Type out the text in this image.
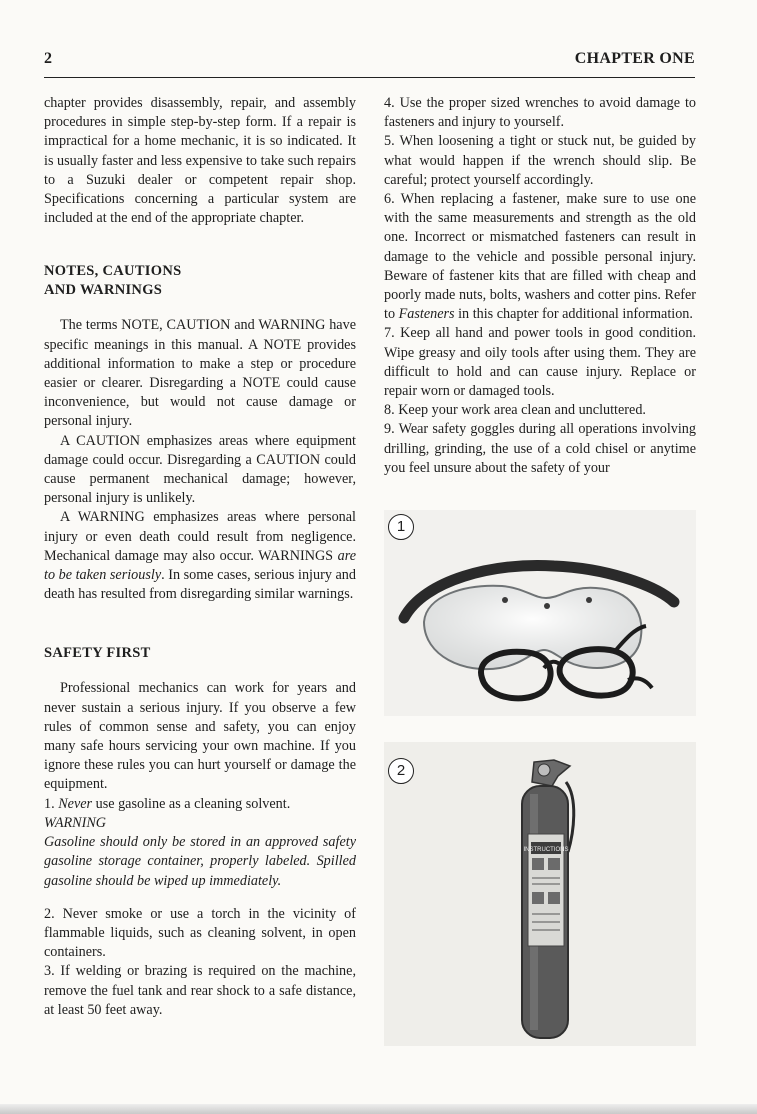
2	CHAPTER ONE

chapter provides disassembly, repair, and assembly procedures in simple step-by-step form. If a repair is impractical for a home mechanic, it is so indicated. It is usually faster and less expensive to take such repairs to a Suzuki dealer or competent repair shop. Specifications concerning a particular system are included at the end of the appropriate chapter.

NOTES, CAUTIONS

AND WARNINGS

The terms NOTE, CAUTION and WARNING have specific meanings in this manual. A NOTE provides additional information to make a step or procedure easier or clearer. Disregarding a NOTE could cause inconvenience, but would not cause damage or personal injury.

A CAUTION emphasizes areas where equipment damage could occur. Disregarding a CAUTION could cause permanent mechanical damage; however, personal injury is unlikely.

A WARNING emphasizes areas where personal injury or even death could result from negligence. Mechanical damage may also occur. WARNINGS are to be taken seriously. In some cases, serious injury and death has resulted from disregarding similar warnings.

SAFETY FIRST

Professional mechanics can work for years and never sustain a serious injury. If you observe a few rules of common sense and safety, you can enjoy many safe hours servicing your own machine. If you ignore these rules you can hurt yourself or damage the equipment.

1. Never use gasoline as a cleaning solvent.

WARNING

Gasoline should only be stored in an approved safety gasoline storage container, properly labeled. Spilled gasoline should be wiped up immediately.

2. Never smoke or use a torch in the vicinity of flammable liquids, such as cleaning solvent, in open containers.

3. If welding or brazing is required on the machine, remove the fuel tank and rear shock to a safe distance, at least 50 feet away.

4. Use the proper sized wrenches to avoid damage to fasteners and injury to yourself.

5. When loosening a tight or stuck nut, be guided by what would happen if the wrench should slip. Be careful; protect yourself accordingly.

6. When replacing a fastener, make sure to use one with the same measurements and strength as the old one. Incorrect or mismatched fasteners can result in damage to the vehicle and possible personal injury. Beware of fastener kits that are filled with cheap and poorly made nuts, bolts, washers and cotter pins. Refer to Fasteners in this chapter for additional information.

7. Keep all hand and power tools in good condition. Wipe greasy and oily tools after using them. They are difficult to hold and can cause injury. Replace or repair worn or damaged tools.

8. Keep your work area clean and uncluttered.

9. Wear safety goggles during all operations involving drilling, grinding, the use of a cold chisel or anytime you feel unsure about the safety of your

1
INSTRUCTIONS
2
